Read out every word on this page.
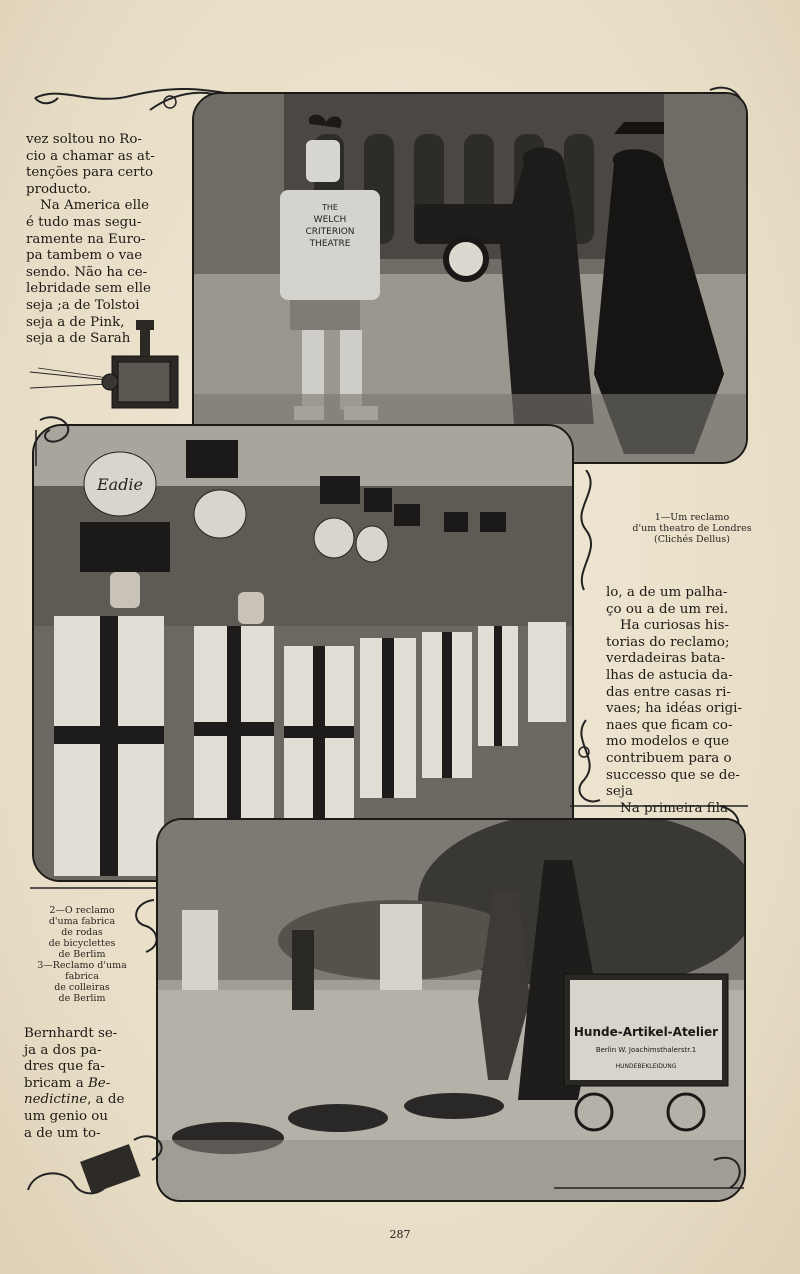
vez soltou no Ro-

cio a chamar as at-

tenções para certo

producto.

Na America elle

é tudo mas segu-

ramente na Euro-

pa tambem o vae

sendo. Não ha ce-

lebridade sem elle

seja ;a de Tolstoi

seja a de Pink,

seja a de Sarah

THE
WELCH
CRITERION
THEATRE
Eadie
1—Um reclamo
d'um theatro de Londres
(Clichés Dellus)

lo, a de um palha-

ço ou a de um rei.

Ha curiosas his-

torias do reclamo;

verdadeiras bata-

lhas de astucia da-

das entre casas ri-

vaes; ha idéas origi-

naes que ficam co-

mo modelos e que

contribuem para o

successo que se de-

seja

Na primeira fila

2—O reclamo
d'uma fabrica
de rodas
de bicyclettes
de Berlim
3—Reclamo d'uma
fabrica
de colleiras
de Berlim

Bernhardt se-

ja a dos pa-

dres que fa-

bricam a Be-

nedictine, a de

um genio ou

a de um to-

Hunde-Artikel-Atelier
Berlin W. Joachimsthalerstr.1
HUNDEBEKLEIDUNG
287
